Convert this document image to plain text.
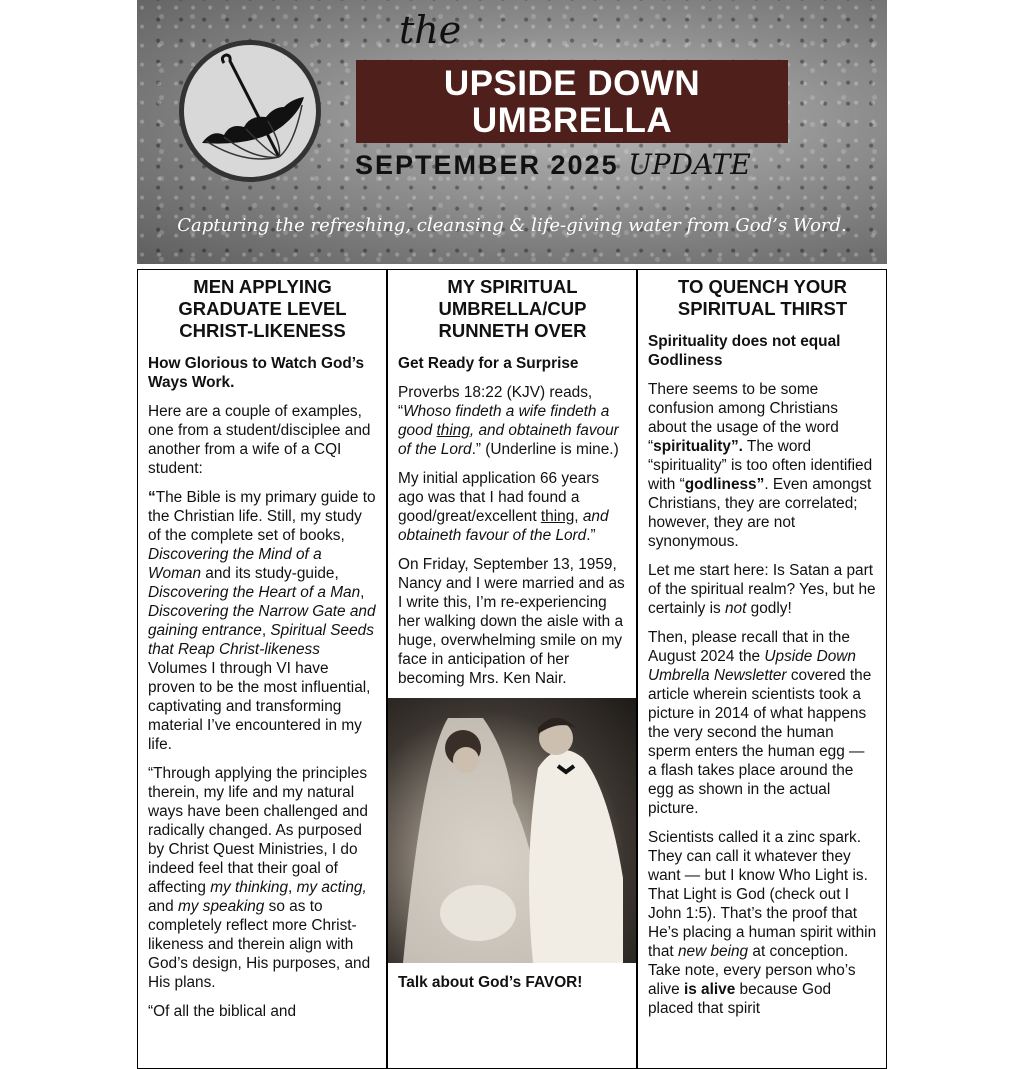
the
UPSIDE DOWN
UMBRELLA
SEPTEMBER 2025 UPDATE
Capturing the refreshing, cleansing & life-giving water from God’s Word.
MEN APPLYING GRADUATE LEVEL CHRIST-LIKENESS
How Glorious to Watch God’s Ways Work.

Here are a couple of examples, one from a student/disciplee and another from a wife of a CQI student:

“The Bible is my primary guide to the Christian life. Still, my study of the complete set of books, Discovering the Mind of a Woman and its study-guide, Discovering the Heart of a Man, Discovering the Narrow Gate and gaining entrance, Spiritual Seeds that Reap Christ-likeness Volumes I through VI have proven to be the most influential, captivating and transforming material I’ve encountered in my life.

“Through applying the principles therein, my life and my natural ways have been challenged and radically changed. As purposed by Christ Quest Ministries, I do indeed feel that their goal of affecting my thinking, my acting, and my speaking so as to completely reflect more Christ-likeness and therein align with God’s design, His purposes, and His plans.

“Of all the biblical and

MY SPIRITUAL UMBRELLA/CUP RUNNETH OVER
Get Ready for a Surprise

Proverbs 18:22 (KJV) reads, “Whoso findeth a wife findeth a good thing, and obtaineth favour of the Lord.” (Underline is mine.)

My initial application 66 years ago was that I had found a good/great/excellent thing, and obtaineth favour of the Lord.”

On Friday, September 13, 1959, Nancy and I were married and as I write this, I’m re-experiencing her walking down the aisle with a huge, overwhelming smile on my face in anticipation of her becoming Mrs. Ken Nair.

Talk about God’s FAVOR!
TO QUENCH YOUR SPIRITUAL THIRST
Spirituality does not equal Godliness

There seems to be some confusion among Christians about the usage of the word “spirituality”. The word “spirituality” is too often identified with “godliness”. Even amongst Christians, they are correlated; however, they are not synonymous.

Let me start here: Is Satan a part of the spiritual realm? Yes, but he certainly is not godly!

Then, please recall that in the August 2024 the Upside Down Umbrella Newsletter covered the article wherein scientists took a picture in 2014 of what happens the very second the human sperm enters the human egg — a flash takes place around the egg as shown in the actual picture.

Scientists called it a zinc spark. They can call it whatever they want — but I know Who Light is. That Light is God (check out I John 1:5). That’s the proof that He’s placing a human spirit within that new being at conception. Take note, every person who’s alive is alive because God placed that spirit
